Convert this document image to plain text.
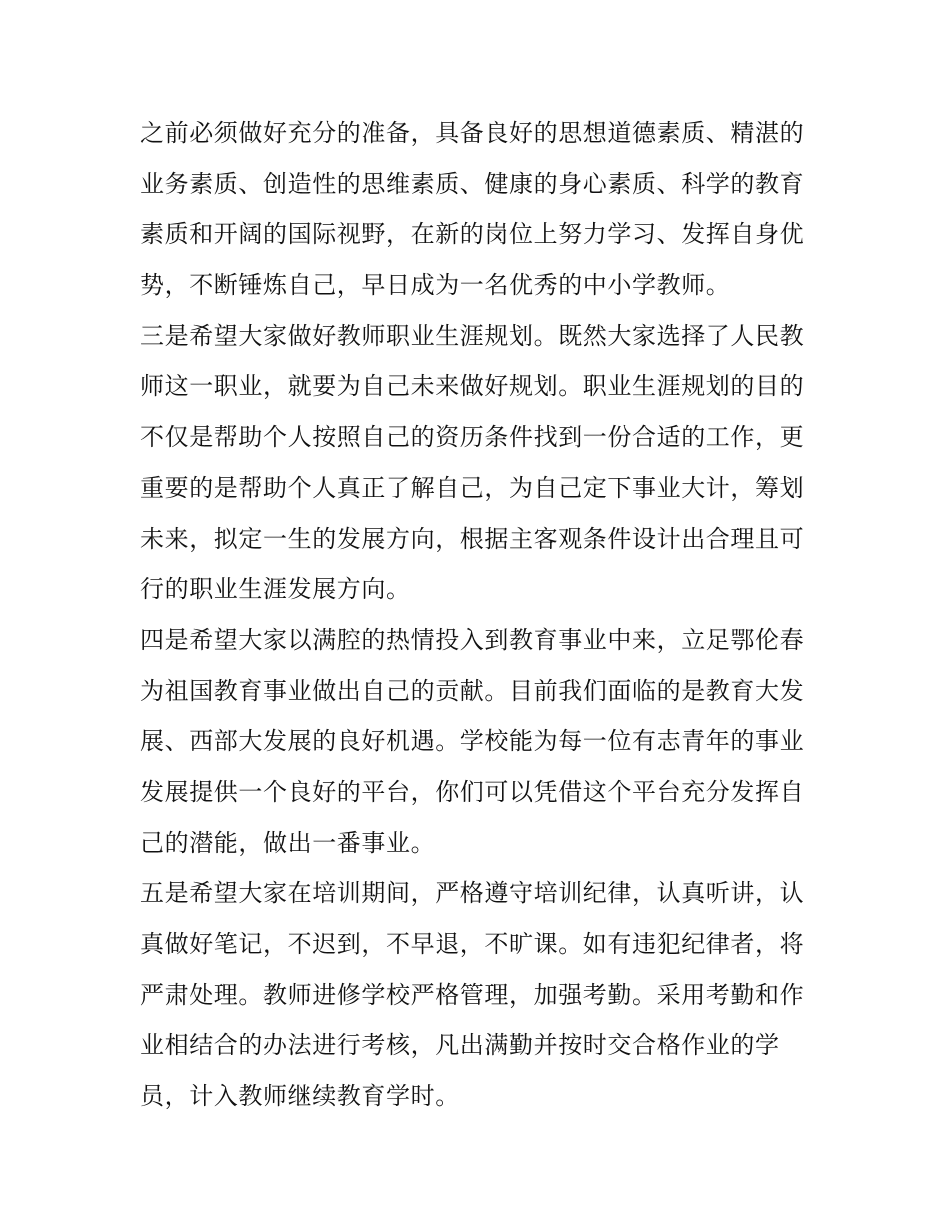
之前必须做好充分的准备，具备良好的思想道德素质、精湛的
业务素质、创造性的思维素质、健康的身心素质、科学的教育
素质和开阔的国际视野，在新的岗位上努力学习、发挥自身优
势，不断锤炼自己，早日成为一名优秀的中小学教师。
三是希望大家做好教师职业生涯规划。既然大家选择了人民教
师这一职业，就要为自己未来做好规划。职业生涯规划的目的
不仅是帮助个人按照自己的资历条件找到一份合适的工作，更
重要的是帮助个人真正了解自己，为自己定下事业大计，筹划
未来，拟定一生的发展方向，根据主客观条件设计出合理且可
行的职业生涯发展方向。
四是希望大家以满腔的热情投入到教育事业中来，立足鄂伦春
为祖国教育事业做出自己的贡献。目前我们面临的是教育大发
展、西部大发展的良好机遇。学校能为每一位有志青年的事业
发展提供一个良好的平台，你们可以凭借这个平台充分发挥自
己的潜能，做出一番事业。
五是希望大家在培训期间，严格遵守培训纪律，认真听讲，认
真做好笔记，不迟到，不早退，不旷课。如有违犯纪律者，将
严肃处理。教师进修学校严格管理，加强考勤。采用考勤和作
业相结合的办法进行考核，凡出满勤并按时交合格作业的学
员，计入教师继续教育学时。
